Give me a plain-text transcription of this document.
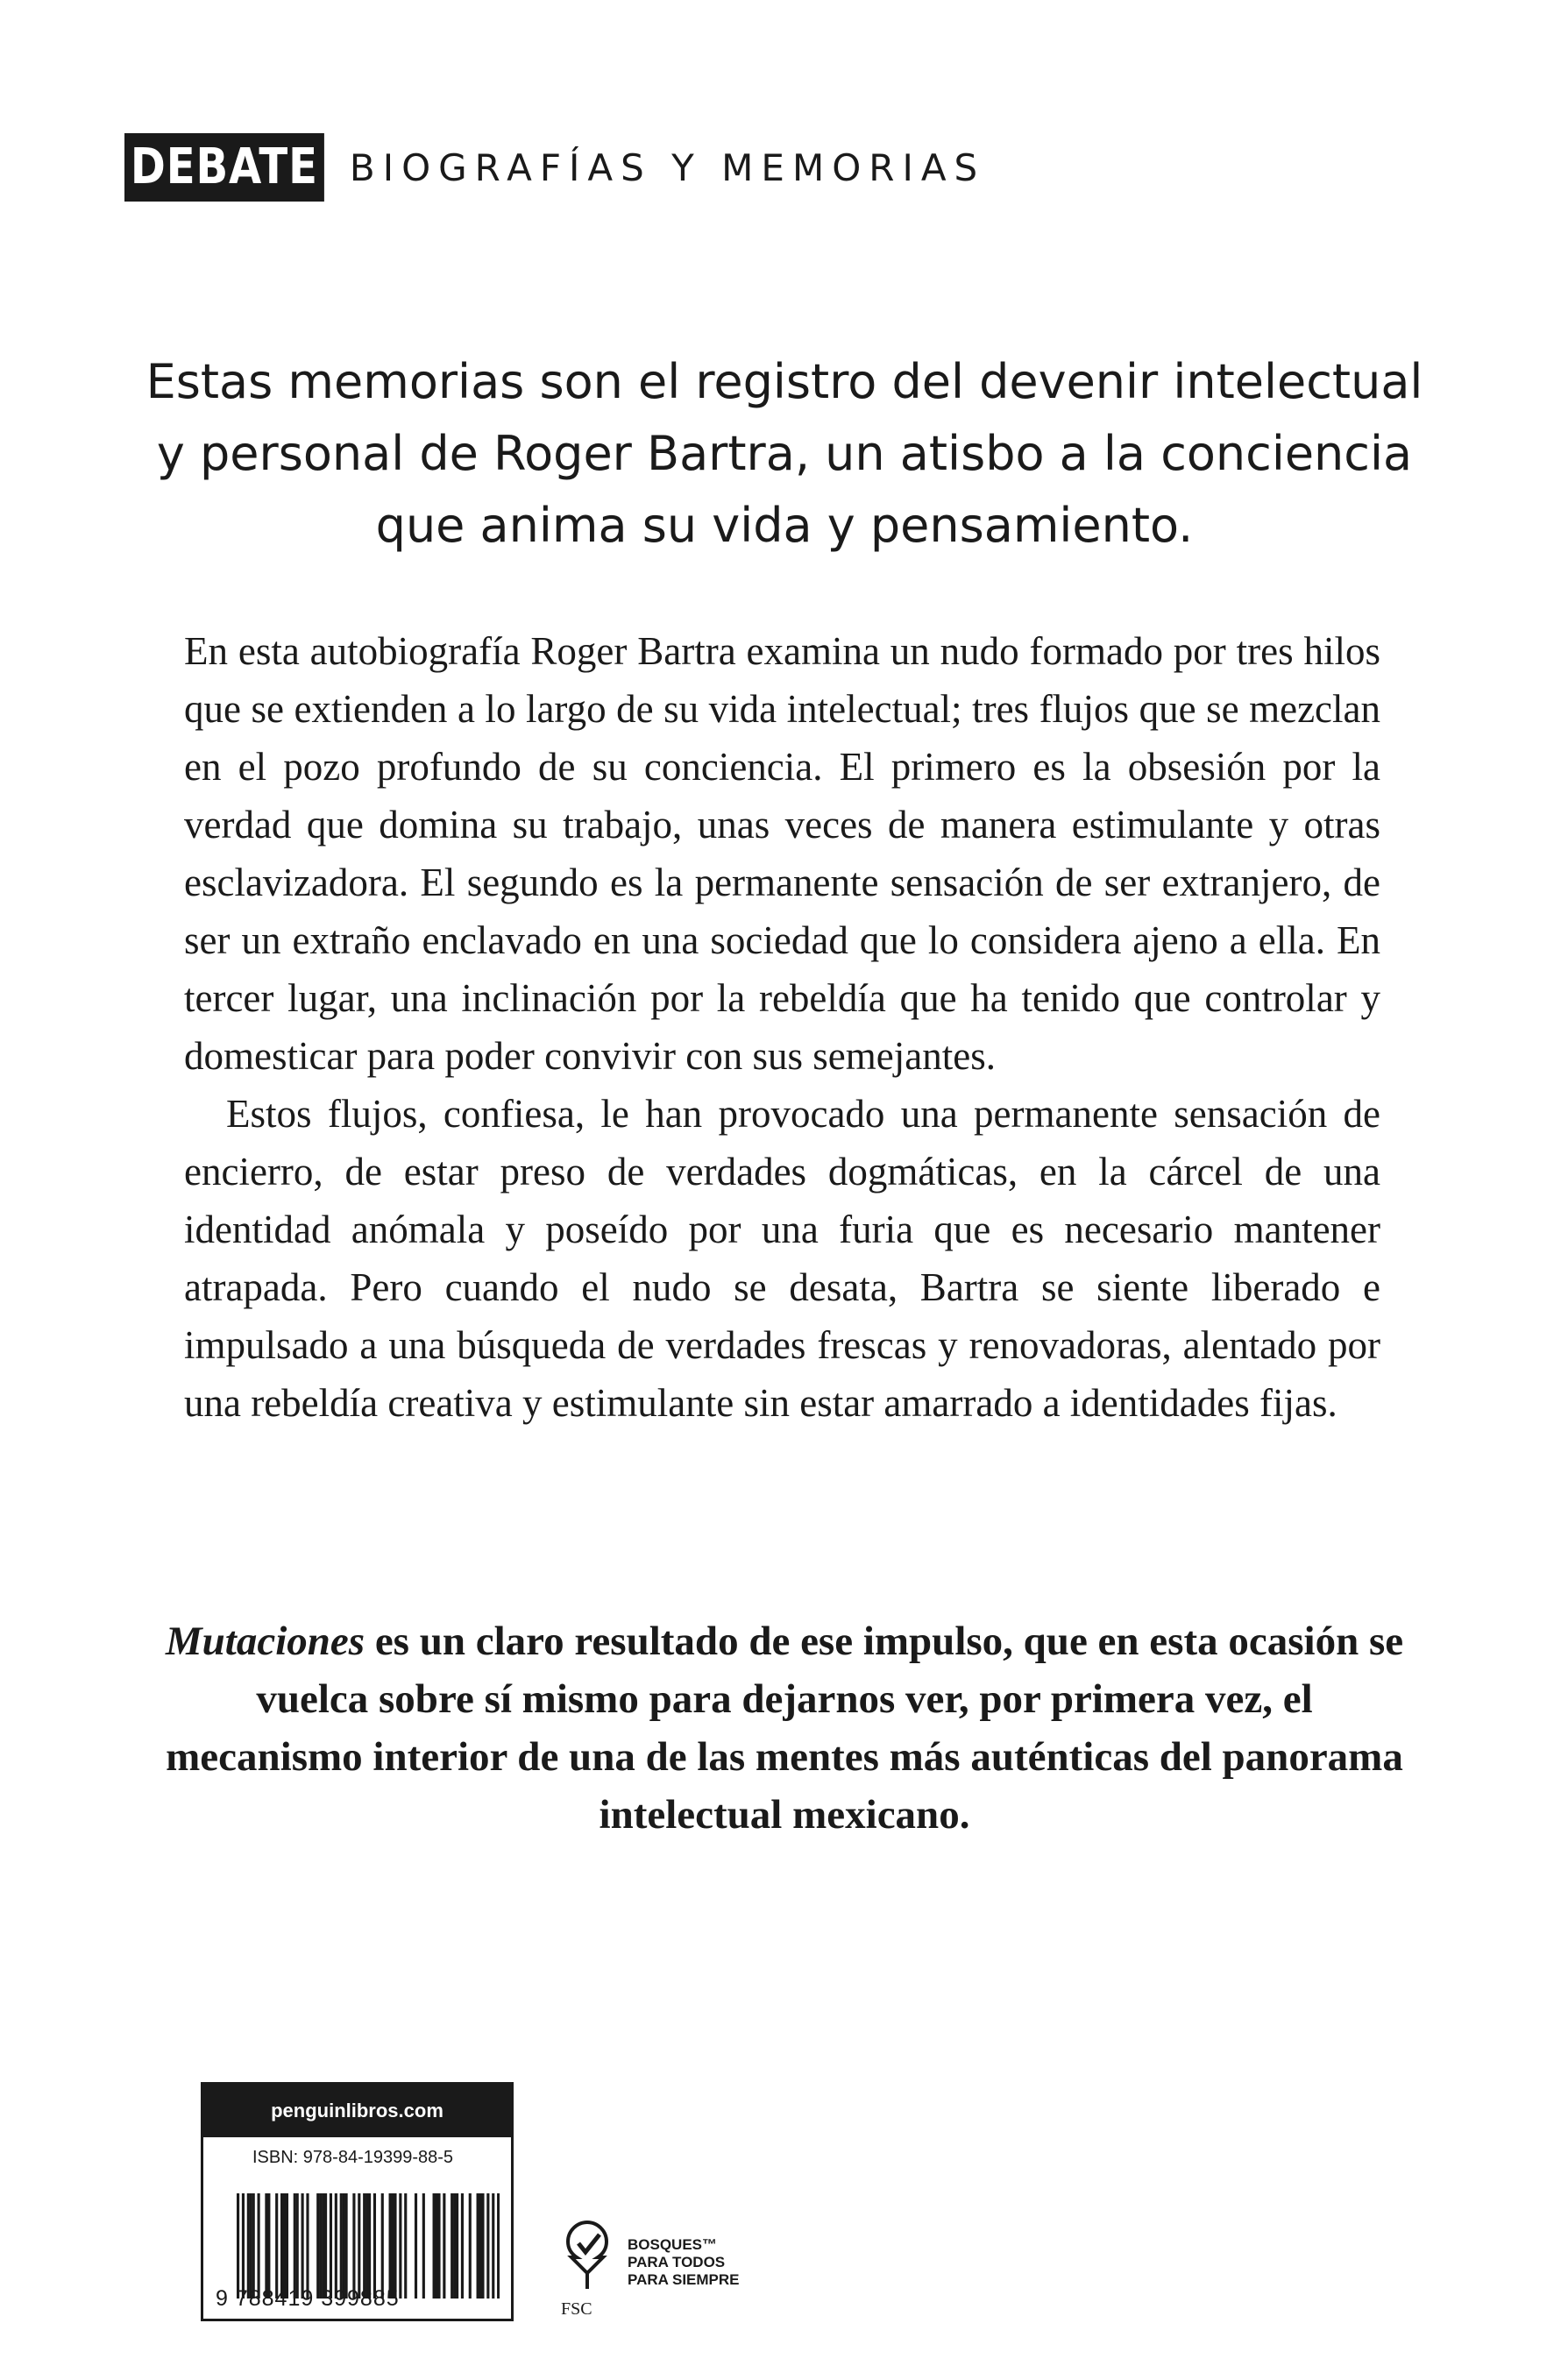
DEBATE BIOGRAFÍAS Y MEMORIAS
Estas memorias son el registro del devenir intelectual y personal de Roger Bartra, un atisbo a la conciencia que anima su vida y pensamiento.

En esta autobiografía Roger Bartra examina un nudo formado por tres hilos que se extienden a lo largo de su vida intelectual; tres flujos que se mezclan en el pozo profundo de su conciencia. El primero es la obsesión por la verdad que domina su trabajo, unas veces de manera estimulante y otras esclavizadora. El segundo es la permanente sensación de ser extranjero, de ser un extraño enclavado en una sociedad que lo considera ajeno a ella. En tercer lugar, una inclinación por la rebeldía que ha tenido que controlar y domesticar para poder convivir con sus semejantes.

Estos flujos, confiesa, le han provocado una permanente sensación de encierro, de estar preso de verdades dogmáticas, en la cárcel de una identidad anómala y poseído por una furia que es necesario mantener atrapada. Pero cuando el nudo se desata, Bartra se siente liberado e impulsado a una búsqueda de verdades frescas y renovadoras, alentado por una rebeldía creativa y estimulante sin estar amarrado a identidades fijas.

Mutaciones es un claro resultado de ese impulso, que en esta ocasión se vuelca sobre sí mismo para dejarnos ver, por primera vez, el mecanismo interior de una de las mentes más auténticas del panorama intelectual mexicano.
penguinlibros.com
ISBN: 978-84-19399-88-5
9 788419 399885
BOSQUES™
PARA TODOS
PARA SIEMPRE
FSC
